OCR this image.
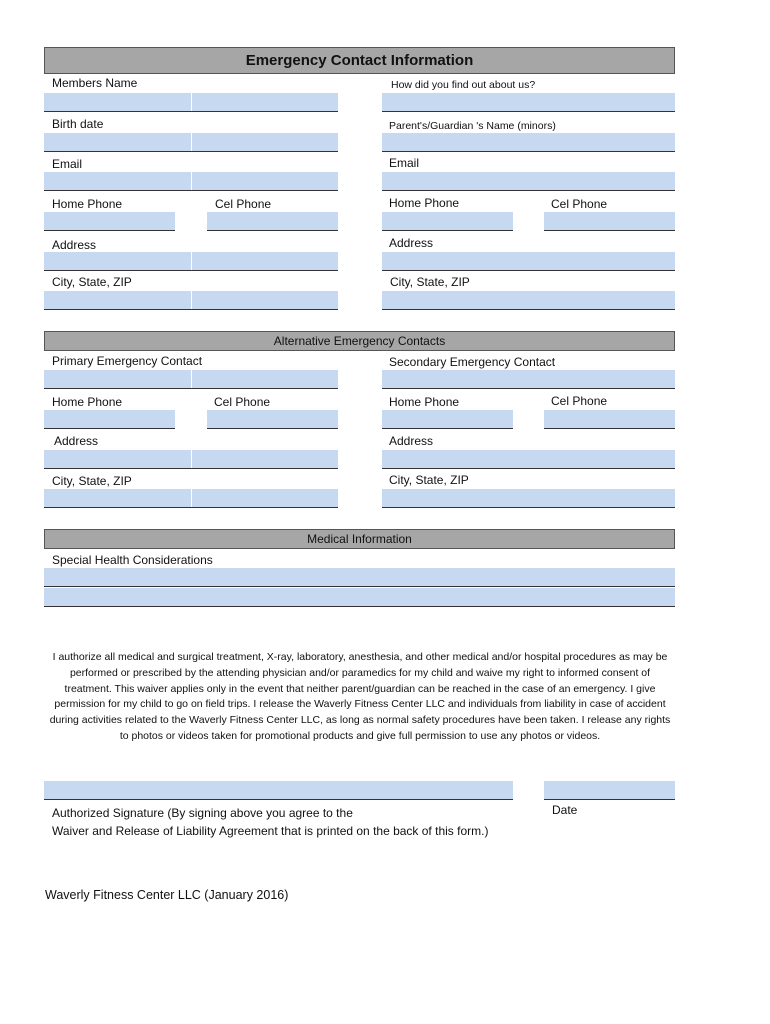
Emergency Contact Information
Members Name
Birth date
Email
Home Phone	Cel Phone
Address
City, State, ZIP
How did you find out about us?
Parent's/Guardian 's Name (minors)
Email
Home Phone	Cel Phone
Address
City, State, ZIP
Alternative Emergency Contacts
Primary Emergency Contact
Home Phone	Cel Phone
Address
City, State, ZIP
Secondary Emergency Contact
Home Phone	Cel Phone
Address
City, State, ZIP
Medical Information
Special Health Considerations
I authorize all medical and surgical treatment, X-ray, laboratory, anesthesia, and other medical and/or hospital procedures as may be performed or prescribed by the attending physician and/or paramedics for my child and waive my right to informed consent of treatment. This waiver applies only in the event that neither parent/guardian can be reached in the case of an emergency. I give permission for my child to go on field trips. I release the Waverly Fitness Center LLC and individuals from liability in case of accident during activities related to the Waverly Fitness Center LLC, as long as normal safety procedures have been taken. I release any rights to photos or videos taken for promotional products and give full permission to use any photos or videos.
Authorized Signature (By signing above you agree to the
Waiver and Release of Liability Agreement that is printed on the back of this form.)
Date
Waverly Fitness Center LLC (January 2016)
